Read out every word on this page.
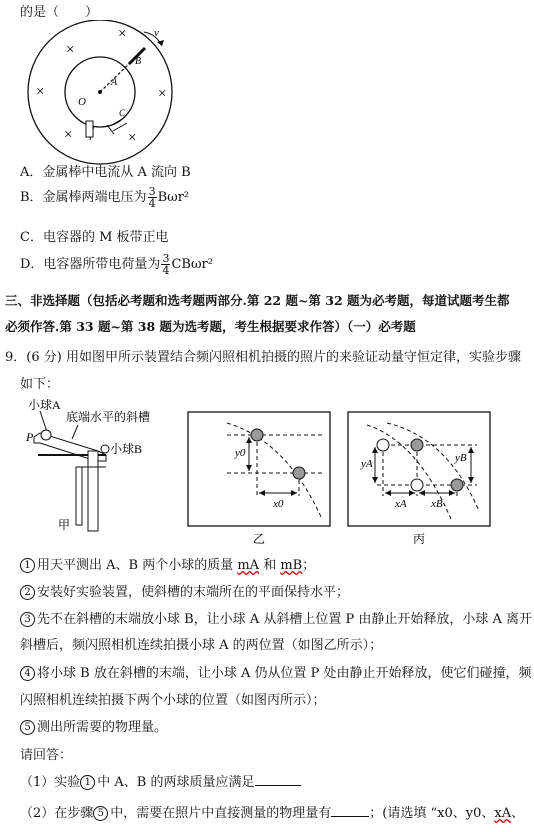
的是（　　）
×
×
×	×
×	×
v
B
A
O
C
A．金属棒中电流从 A 流向 B
B．金属棒两端电压为 $\frac{3}{4} B\omega r^2$
C．电容器的 M 板带正电
D．电容器所带电荷量为 $\frac{3}{4} CB\omega r^2$
三、非选择题（包括必考题和选考题两部分.第 22 题~第 32 题为必考题，每道试题考生都
必须作答.第 33 题~第 38 题为选考题，考生根据要求作答）（一）必考题
9．(6 分) 用如图甲所示装置结合频闪照相机拍摄的照片的来验证动量守恒定律，实验步骤
如下：
小球A
底端水平的斜槽
P
小球B
甲
y0
x0
乙
yA	yB
xA xB
丙
1 用天平测出 A、B 两个小球的质量 mA 和 mB；
2 安装好实验装置，使斜槽的末端所在的平面保持水平；
3 先不在斜槽的末端放小球 B，让小球 A 从斜槽上位置 P 由静止开始释放，小球 A 离开
斜槽后，频闪照相机连续拍摄小球 A 的两位置（如图乙所示）；
4 将小球 B 放在斜槽的末端，让小球 A 仍从位置 P 处由静止开始释放，使它们碰撞，频
闪照相机连续拍摄下两个小球的位置（如图丙所示）；
5 测出所需要的物理量。
请回答：
（1）实验 1 中 A、B 的两球质量应满足
（2）在步骤 5 中，需要在照片中直接测量的物理量有	；(请选填 “x0、y0、xA、
